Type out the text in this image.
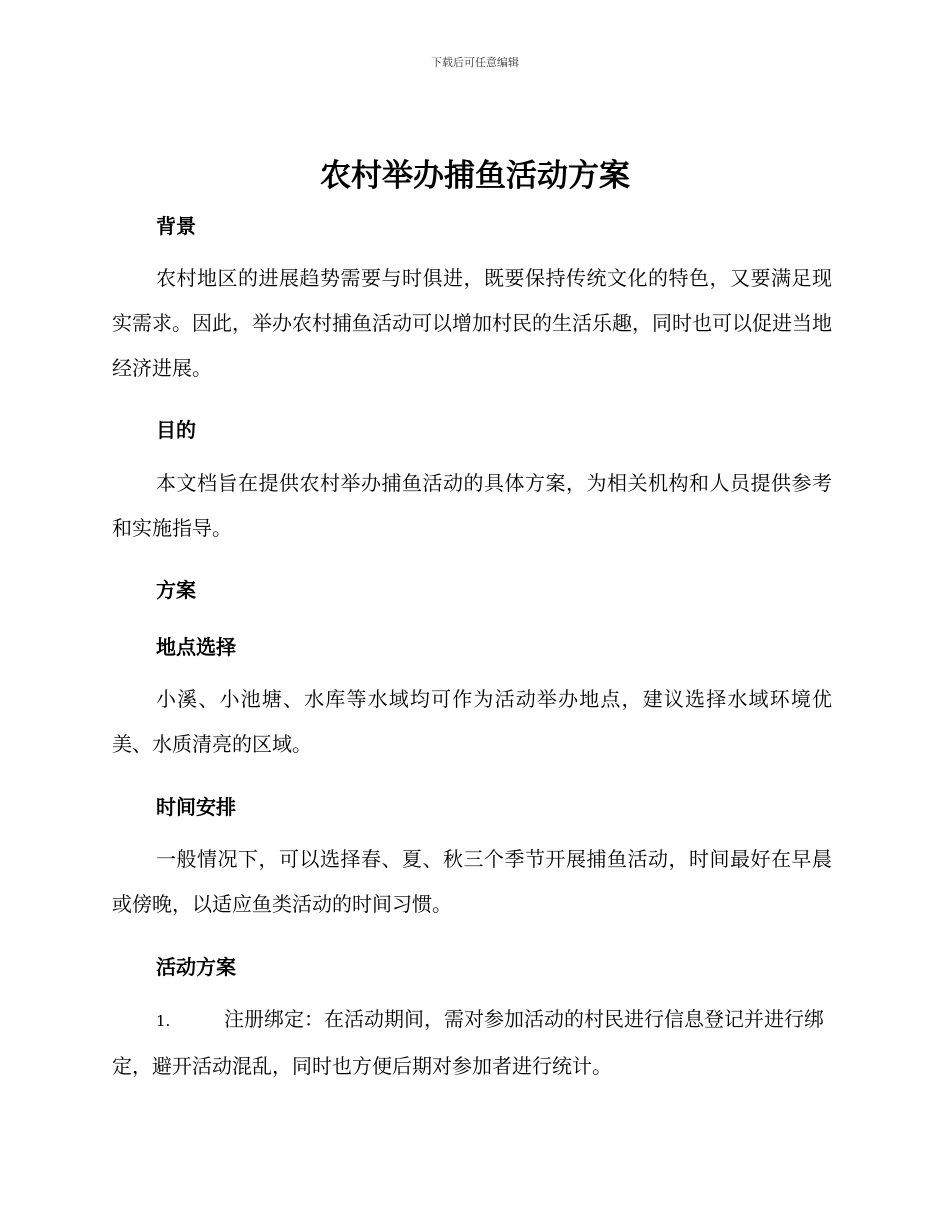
下载后可任意编辑
农村举办捕鱼活动方案
背景
农村地区的进展趋势需要与时俱进，既要保持传统文化的特色，又要满足现实需求。因此，举办农村捕鱼活动可以增加村民的生活乐趣，同时也可以促进当地经济进展。
目的
本文档旨在提供农村举办捕鱼活动的具体方案，为相关机构和人员提供参考和实施指导。
方案
地点选择
小溪、小池塘、水库等水域均可作为活动举办地点，建议选择水域环境优美、水质清亮的区域。
时间安排
一般情况下，可以选择春、夏、秋三个季节开展捕鱼活动，时间最好在早晨或傍晚，以适应鱼类活动的时间习惯。
活动方案
1.	注册绑定：在活动期间，需对参加活动的村民进行信息登记并进行绑定，避开活动混乱，同时也方便后期对参加者进行统计。
